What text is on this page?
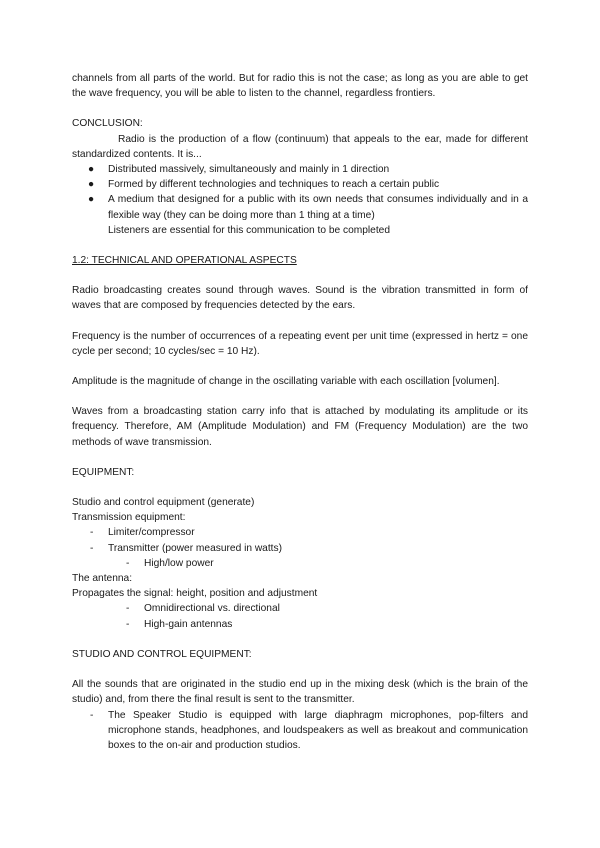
channels from all parts of the world. But for radio this is not the case; as long as you are able to get the wave frequency, you will be able to listen to the channel, regardless frontiers.

CONCLUSION:

Radio is the production of a flow (continuum) that appeals to the ear, made for different standardized contents. It is...

● Distributed massively, simultaneously and mainly in 1 direction
● Formed by different technologies and techniques to reach a certain public
● A medium that designed for a public with its own needs that consumes individually and in a flexible way (they can be doing more than 1 thing at a time)

Listeners are essential for this communication to be completed

1.2: TECHNICAL AND OPERATIONAL ASPECTS

Radio broadcasting creates sound through waves. Sound is the vibration transmitted in form of waves that are composed by frequencies detected by the ears.

Frequency is the number of occurrences of a repeating event per unit time (expressed in hertz = one cycle per second; 10 cycles/sec = 10 Hz).

Amplitude is the magnitude of change in the oscillating variable with each oscillation [volumen].

Waves from a broadcasting station carry info that is attached by modulating its amplitude or its frequency. Therefore, AM (Amplitude Modulation) and FM (Frequency Modulation) are the two methods of wave transmission.

EQUIPMENT:

Studio and control equipment (generate)

Transmission equipment:

- Limiter/compressor
- Transmitter (power measured in watts)
- High/low power

The antenna:

Propagates the signal: height, position and adjustment

- Omnidirectional vs. directional
- High-gain antennas

STUDIO AND CONTROL EQUIPMENT:

All the sounds that are originated in the studio end up in the mixing desk (which is the brain of the studio) and, from there the final result is sent to the transmitter.

- The Speaker Studio is equipped with large diaphragm microphones, pop-filters and microphone stands, headphones, and loudspeakers as well as breakout and communication boxes to the on-air and production studios.
